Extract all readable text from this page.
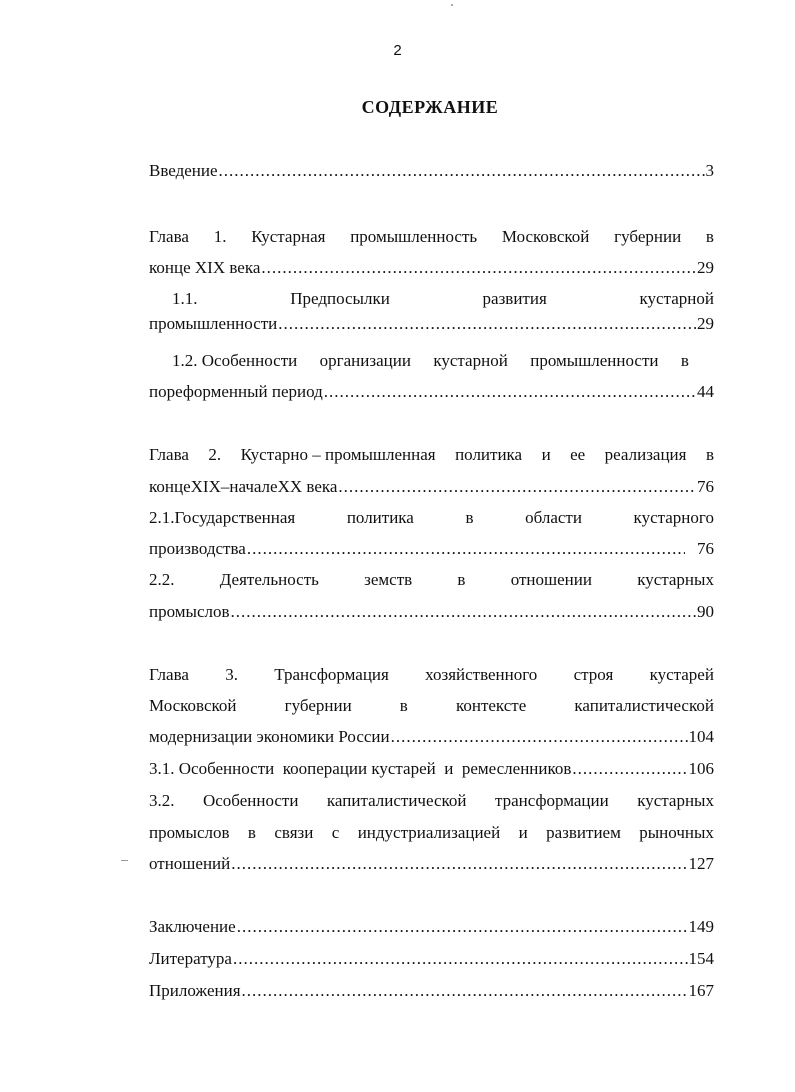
2
СОДЕРЖАНИЕ
Введение .....	3
Глава 1. Кустарная промышленность Московской губернии в
конце XIX века .....	29
1.1.	Предпосылки	развития	кустарной
промышленности .....	29
1.2. Особенности организации кустарной промышленности в
пореформенный период .....	44
Глава 2. Кустарно – промышленная политика и ее реализация в
концеXIX–началеXX века .....	76
2.1.Государственная	политика	в	области	кустарного
производства .....	76
2.2.	Деятельность	земств	в	отношении	кустарных
промыслов .....	90
Глава 3. Трансформация хозяйственного строя кустарей
Московской	губернии	в	контексте	капиталистической
модернизации экономики России .....	104
3.1. Особенности  кооперации кустарей  и  ремесленников .....	106
3.2. Особенности капиталистической трансформации кустарных
промыслов в связи с индустриализацией и развитием рыночных
отношений .....	127
Заключение .....	149
Литература .....	154
Приложения .....	167
